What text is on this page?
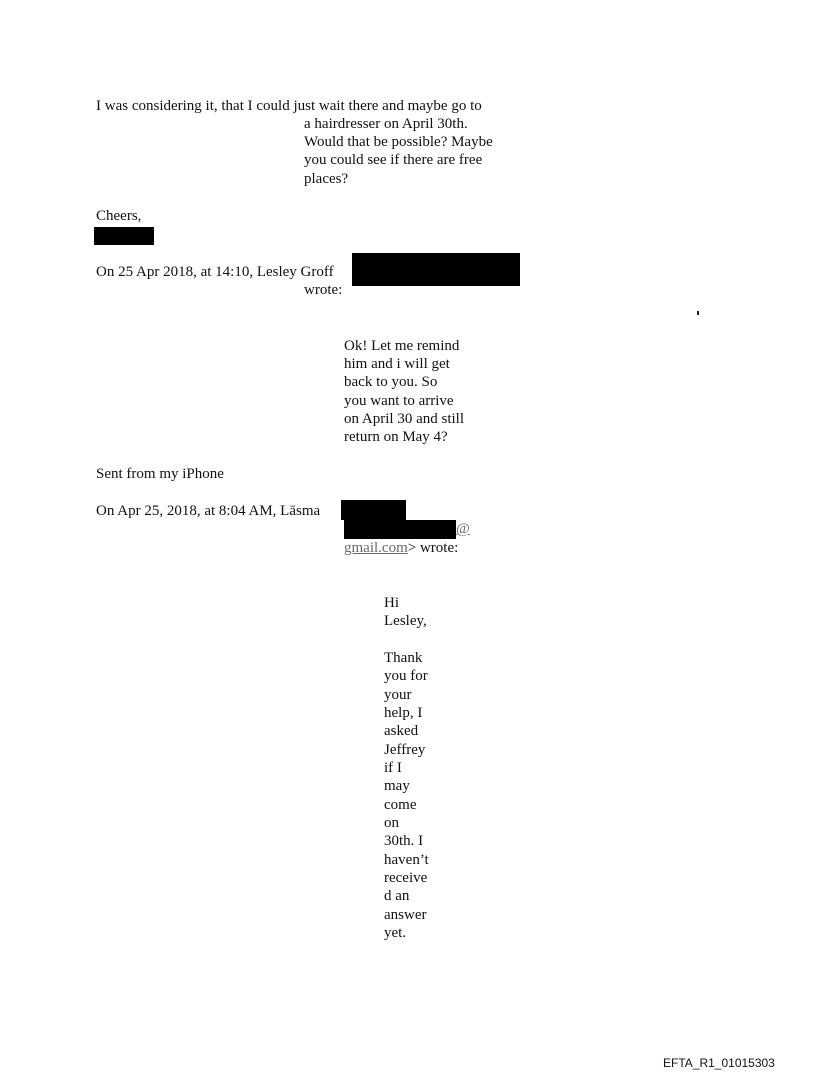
I was considering it, that I could just wait there and maybe go to

a hairdresser on April 30th.

Would that be possible? Maybe

you could see if there are free

places?

Cheers,

On 25 Apr 2018, at 14:10, Lesley Groff

wrote:

Ok! Let me remind

him and i will get

back to you. So

you want to arrive

on April 30 and still

return on May 4?

Sent from my iPhone

On Apr 25, 2018, at 8:04 AM, Lāsma

@

gmail.com> wrote:

Hi

Lesley,

Thank

you for

your

help, I

asked

Jeffrey

if I

may

come

on

30th. I

haven’t

receive

d an

answer

yet.

EFTA_R1_01015303
